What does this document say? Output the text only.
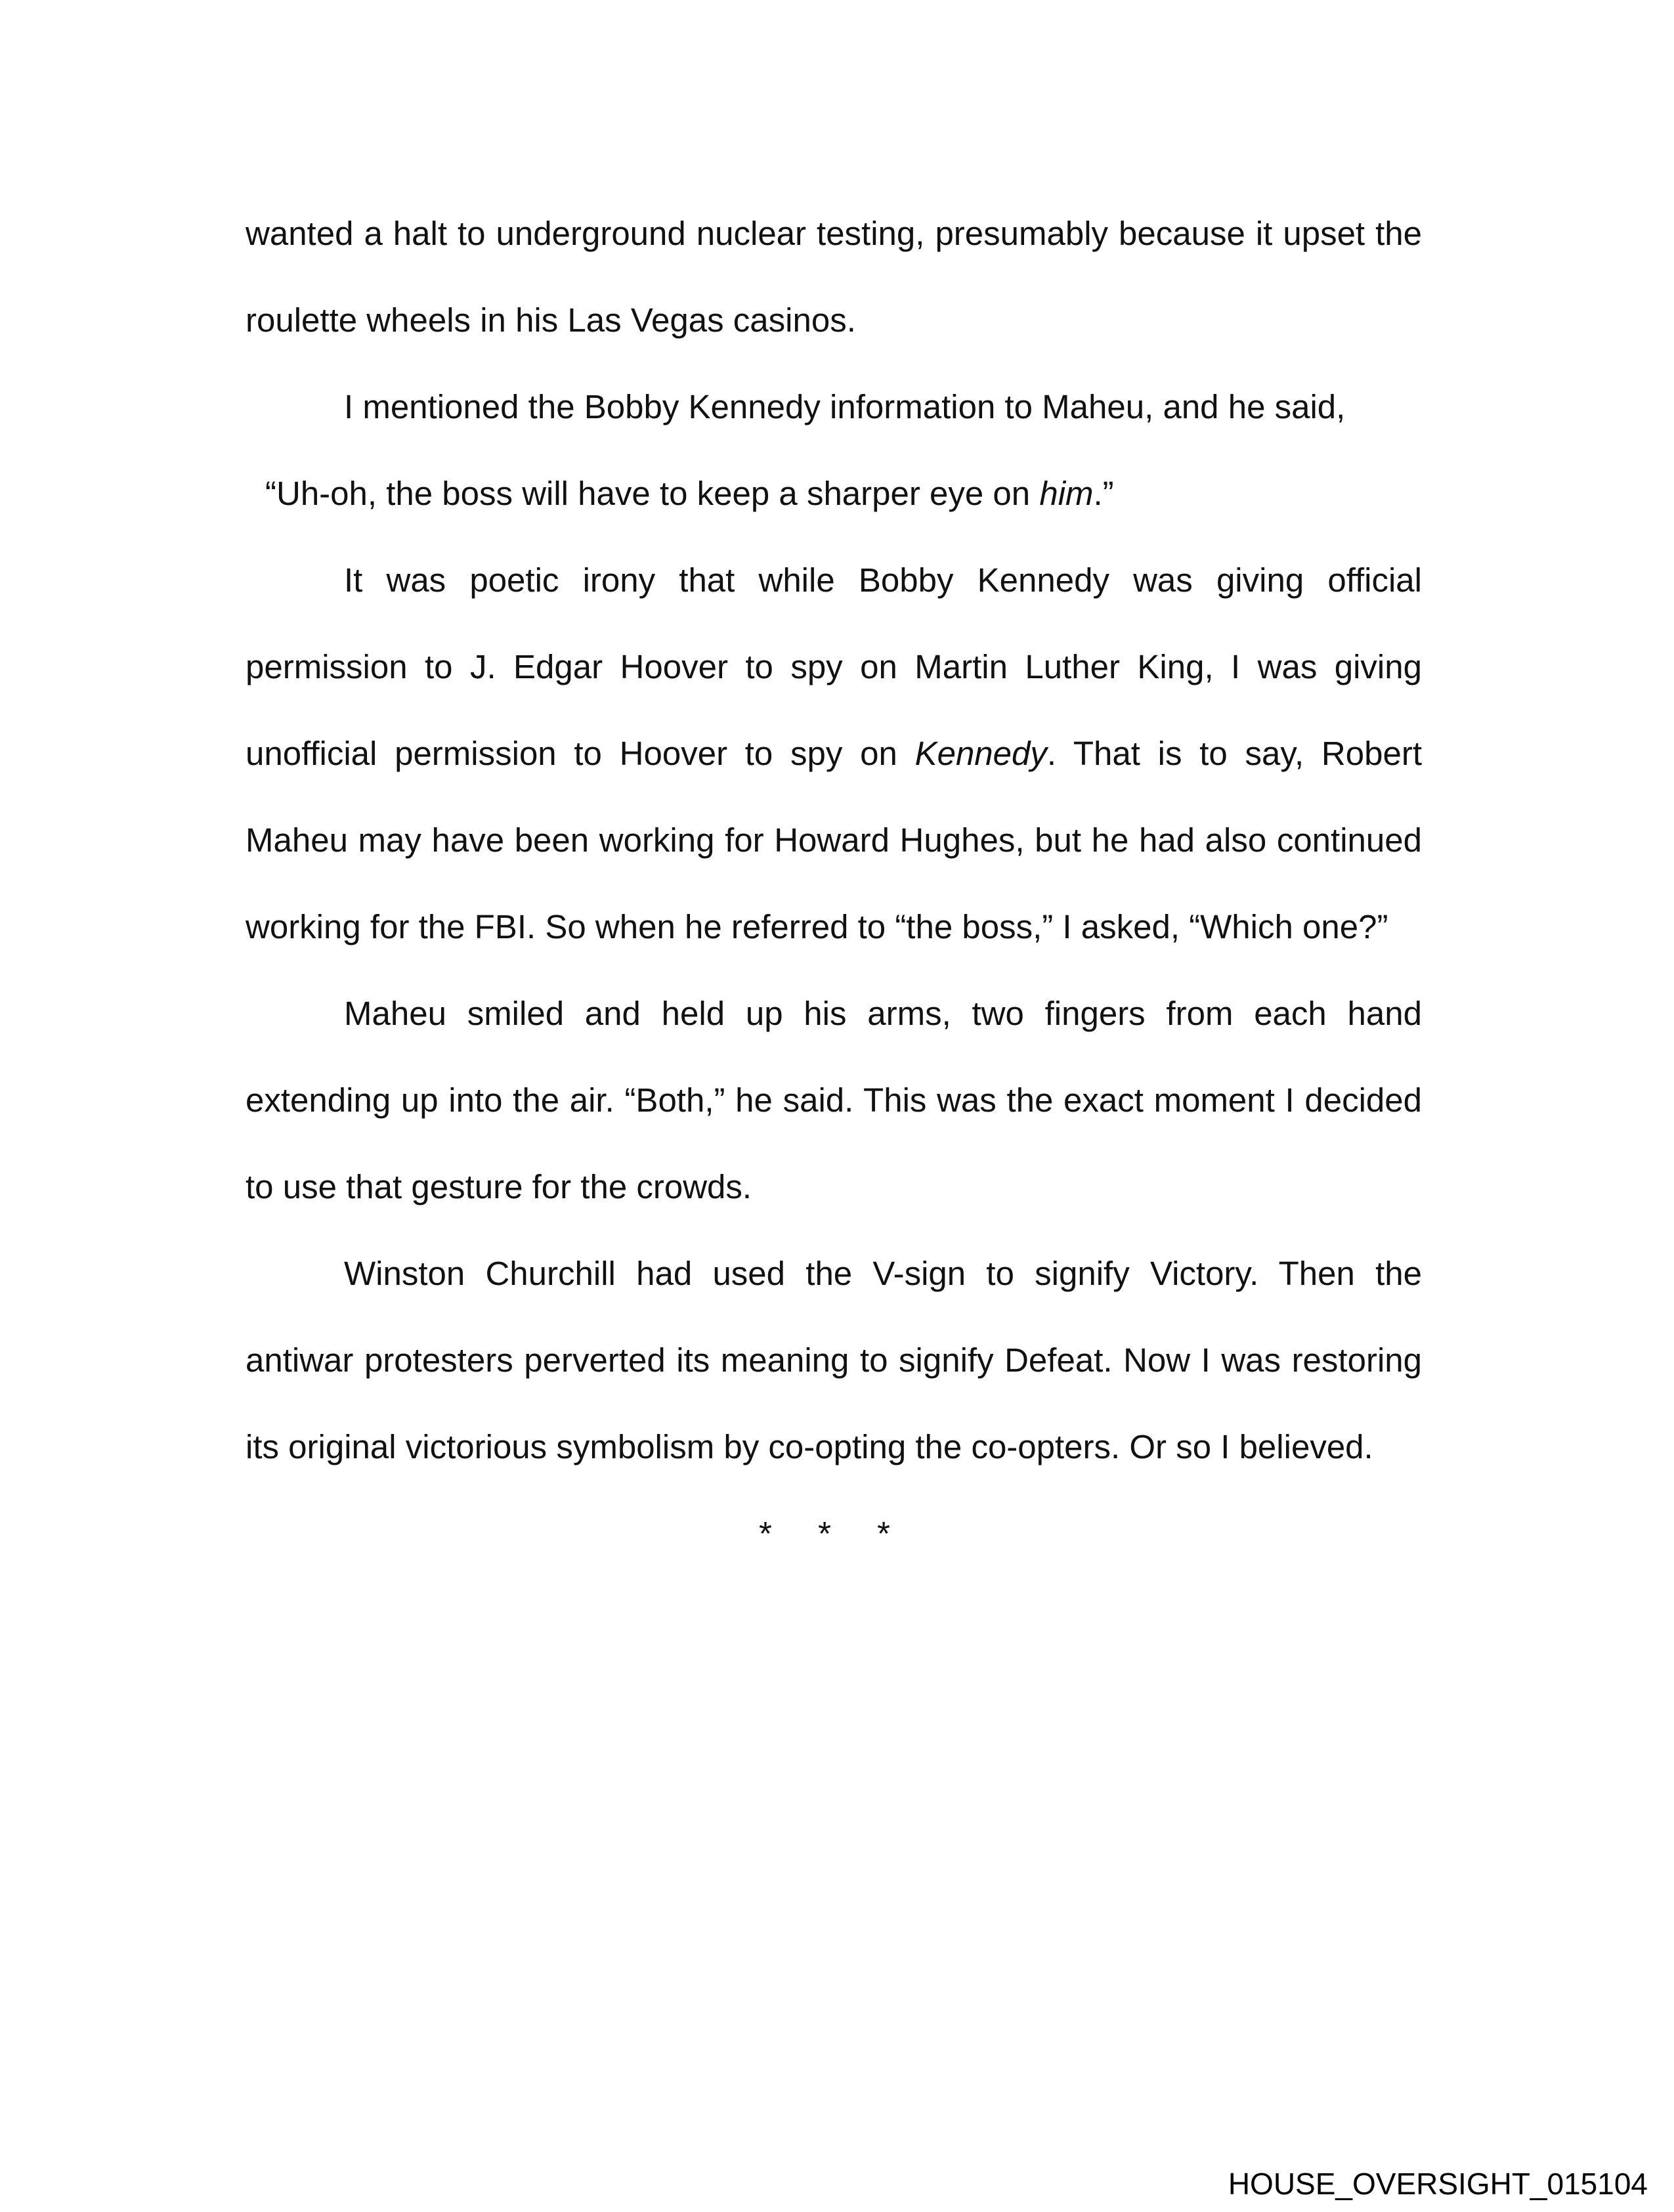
wanted a halt to underground nuclear testing, presumably because it upset the roulette wheels in his Las Vegas casinos.

I mentioned the Bobby Kennedy information to Maheu, and he said,

“Uh-oh, the boss will have to keep a sharper eye on him.”

It was poetic irony that while Bobby Kennedy was giving official permission to J. Edgar Hoover to spy on Martin Luther King, I was giving unofficial permission to Hoover to spy on Kennedy. That is to say, Robert Maheu may have been working for Howard Hughes, but he had also continued working for the FBI. So when he referred to “the boss,” I asked, “Which one?”

Maheu smiled and held up his arms, two fingers from each hand extending up into the air. “Both,” he said. This was the exact moment I decided to use that gesture for the crowds.

Winston Churchill had used the V-sign to signify Victory. Then the antiwar protesters perverted its meaning to signify Defeat. Now I was restoring its original victorious symbolism by co-opting the co-opters. Or so I believed.

* * *

HOUSE_OVERSIGHT_015104
